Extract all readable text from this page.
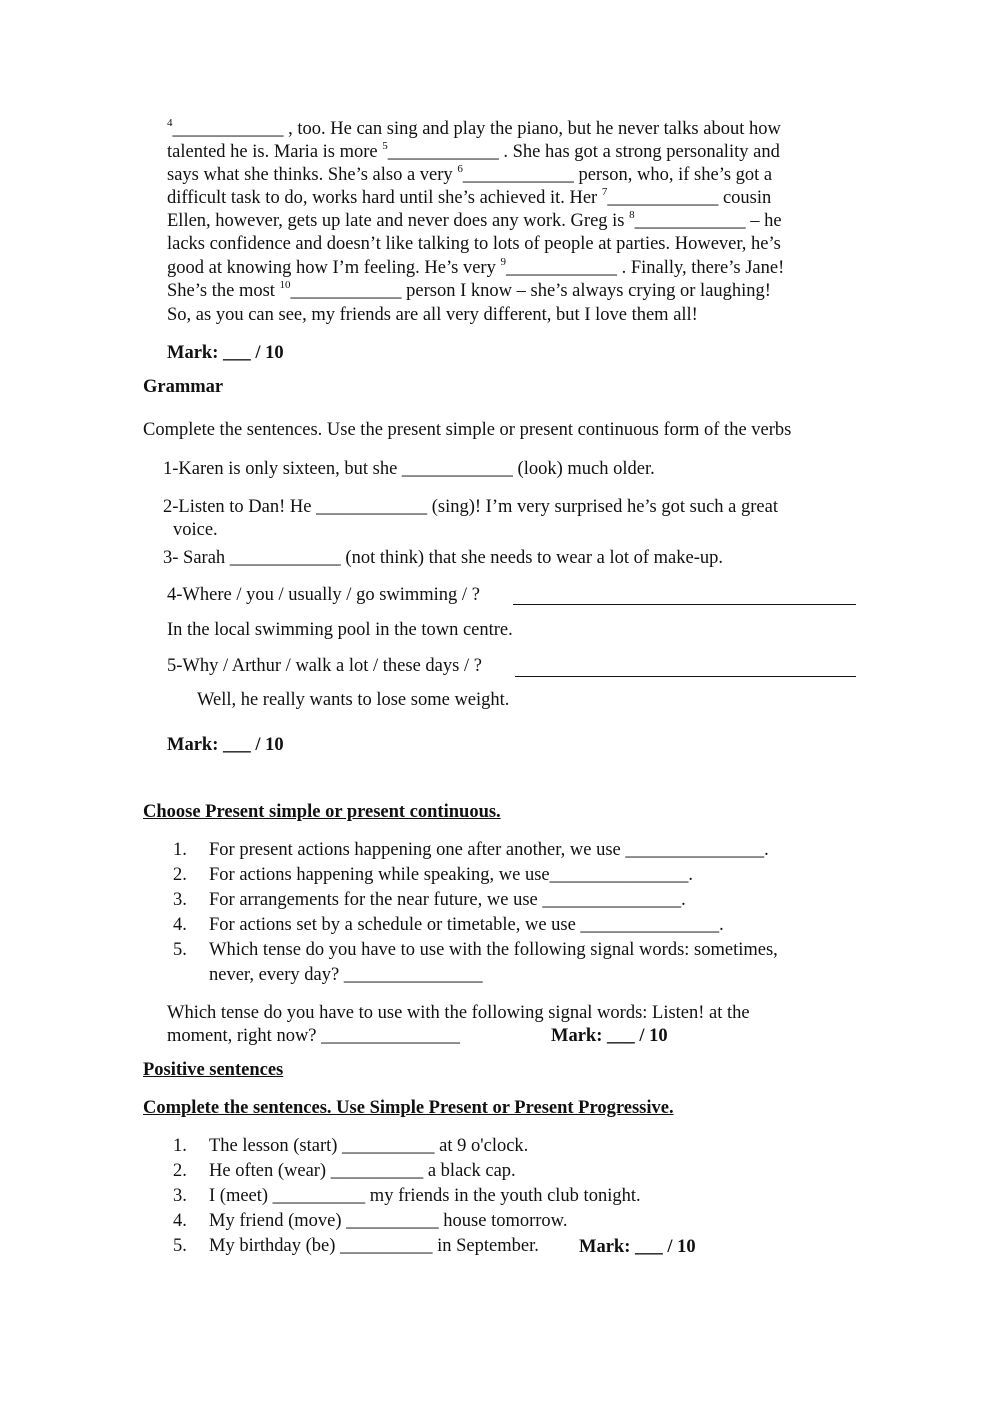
$^4$____________ , too. He can sing and play the piano, but he never talks about how
talented he is. Maria is more $^5$____________ . She has got a strong personality and
says what she thinks. She’s also a very $^6$____________ person, who, if she’s got a
difficult task to do, works hard until she’s achieved it. Her $^7$____________ cousin
Ellen, however, gets up late and never does any work. Greg is $^8$____________ – he
lacks confidence and doesn’t like talking to lots of people at parties. However, he’s
good at knowing how I’m feeling. He’s very $^9$____________ . Finally, there’s Jane!
She’s the most $^{10}$____________ person I know – she’s always crying or laughing!
So, as you can see, my friends are all very different, but I love them all!
Mark: ___ / 10
Grammar
Complete the sentences. Use the present simple or present continuous form of the verbs
1-Karen is only sixteen, but she ____________ (look) much older.
2-Listen to Dan! He ____________ (sing)! I’m very surprised he’s got such a great
voice.
3- Sarah ____________ (not think) that she needs to wear a lot of make-up.
4-Where / you / usually / go swimming / ?
In the local swimming pool in the town centre.
5-Why / Arthur / walk a lot / these days / ?
Well, he really wants to lose some weight.
Mark: ___ / 10
Choose Present simple or present continuous.
1.	For present actions happening one after another, we use _______________.
2.	For actions happening while speaking, we use_______________.
3.	For arrangements for the near future, we use _______________.
4.	For actions set by a schedule or timetable, we use _______________.
5.	Which tense do you have to use with the following signal words: sometimes,
never, every day? _______________
Which tense do you have to use with the following signal words: Listen! at the
moment, right now? _______________	Mark: ___ / 10
Positive sentences
Complete the sentences. Use Simple Present or Present Progressive.
1.	The lesson (start) __________ at 9 o'clock.
2.	He often (wear) __________ a black cap.
3.	I (meet) __________ my friends in the youth club tonight.
4.	My friend (move) __________ house tomorrow.
5.	My birthday (be) __________ in September. Mark: ___ / 10
